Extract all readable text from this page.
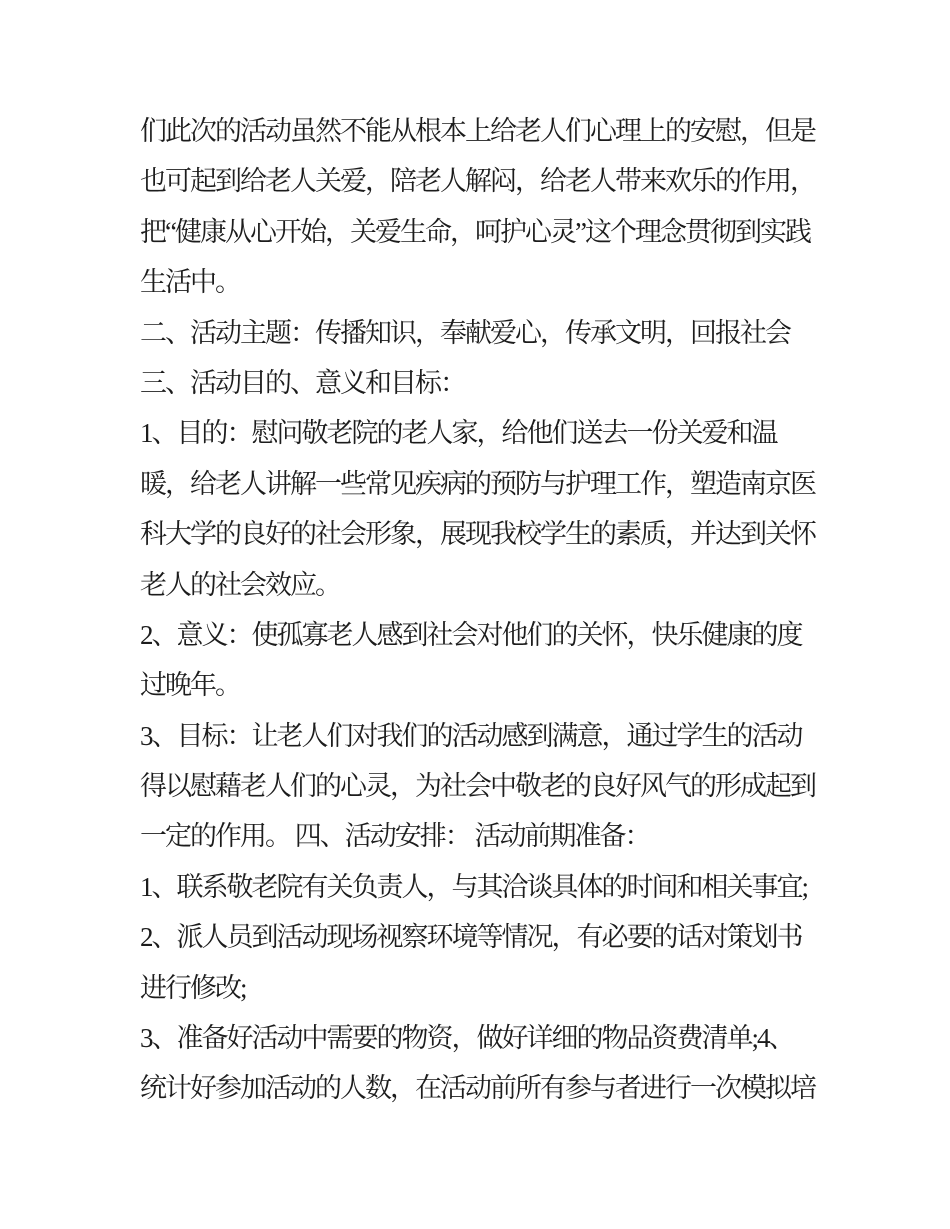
们此次的活动虽然不能从根本上给老人们心理上的安慰，但是
也可起到给老人关爱，陪老人解闷，给老人带来欢乐的作用，
把“健康从心开始，关爱生命，呵护心灵”这个理念贯彻到实践
生活中。
二、活动主题：传播知识，奉献爱心，传承文明，回报社会
三、活动目的、意义和目标：
1、目的：慰问敬老院的老人家，给他们送去一份关爱和温
暖，给老人讲解一些常见疾病的预防与护理工作，塑造南京医
科大学的良好的社会形象，展现我校学生的素质，并达到关怀
老人的社会效应。
2、意义：使孤寡老人感到社会对他们的关怀，快乐健康的度
过晚年。
3、目标：让老人们对我们的活动感到满意，通过学生的活动
得以慰藉老人们的心灵，为社会中敬老的良好风气的形成起到
一定的作用。 四、活动安排： 活动前期准备：
1、联系敬老院有关负责人，与其洽谈具体的时间和相关事宜;
2、派人员到活动现场视察环境等情况，有必要的话对策划书
进行修改;
3、准备好活动中需要的物资，做好详细的物品资费清单;4、
统计好参加活动的人数，在活动前所有参与者进行一次模拟培
